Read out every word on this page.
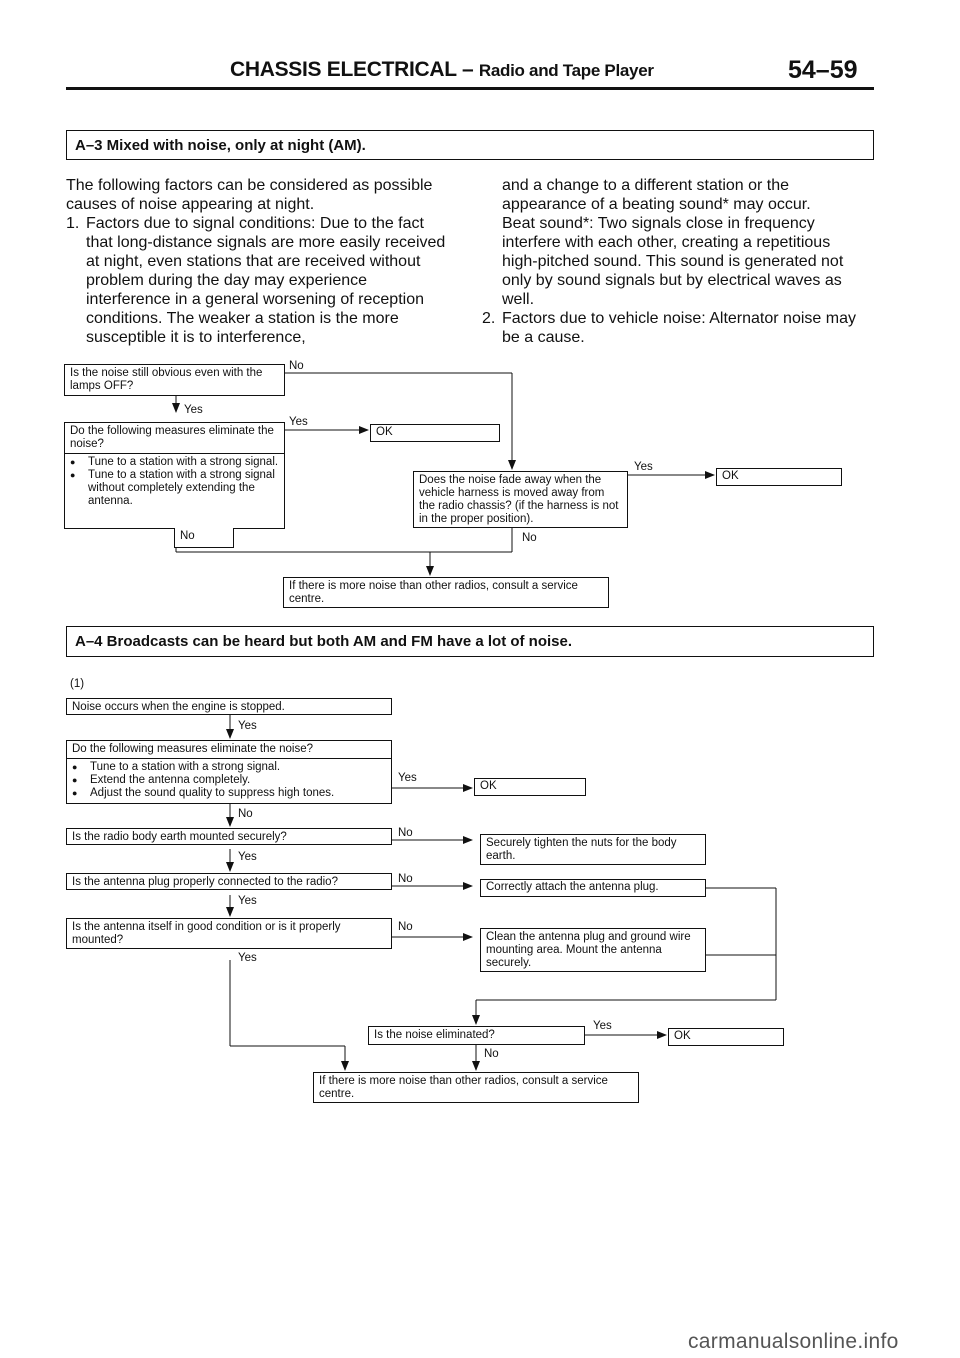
CHASSIS ELECTRICAL – Radio and Tape Player	54–59
A–3 Mixed with noise, only at night (AM).

The following factors can be considered as possible causes of noise appearing at night.

1. Factors due to signal conditions: Due to the fact that long-distance signals are more easily received at night, even stations that are received without problem during the day may experience interference in a general worsening of reception conditions. The weaker a station is the more susceptible it is to interference,
and a change to a different station or the appearance of a beating sound* may occur.
Beat sound*: Two signals close in frequency interfere with each other, creating a repetitious high-pitched sound. This sound is generated not only by sound signals but by electrical waves as well.
2. Factors due to vehicle noise: Alternator noise may be a cause.
Is the noise still obvious even with the lamps OFF?
No
Yes
Do the following measures eliminate the noise?
● Tune to a station with a strong signal.
● Tune to a station with a strong signal without completely extending the antenna.
Yes
OK
Does the noise fade away when the vehicle harness is moved away from the radio chassis? (if the harness is not in the proper position).
Yes
OK
No	No
If there is more noise than other radios, consult a service centre.
A–4 Broadcasts can be heard but both AM and FM have a lot of noise.
(1)
Noise occurs when the engine is stopped.
Yes
Do the following measures eliminate the noise?
● Tune to a station with a strong signal.
● Extend the antenna completely.
● Adjust the sound quality to suppress high tones.
Yes
OK
No
Is the radio body earth mounted securely?	No
Securely tighten the nuts for the body earth.
Yes
Is the antenna plug properly connected to the radio?	No
Correctly attach the antenna plug.
Yes
Is the antenna itself in good condition or is it properly mounted?
No
Clean the antenna plug and ground wire mounting area. Mount the antenna securely.
Yes
Is the noise eliminated?
Yes
OK
No
If there is more noise than other radios, consult a service centre.
carmanualsonline.info
